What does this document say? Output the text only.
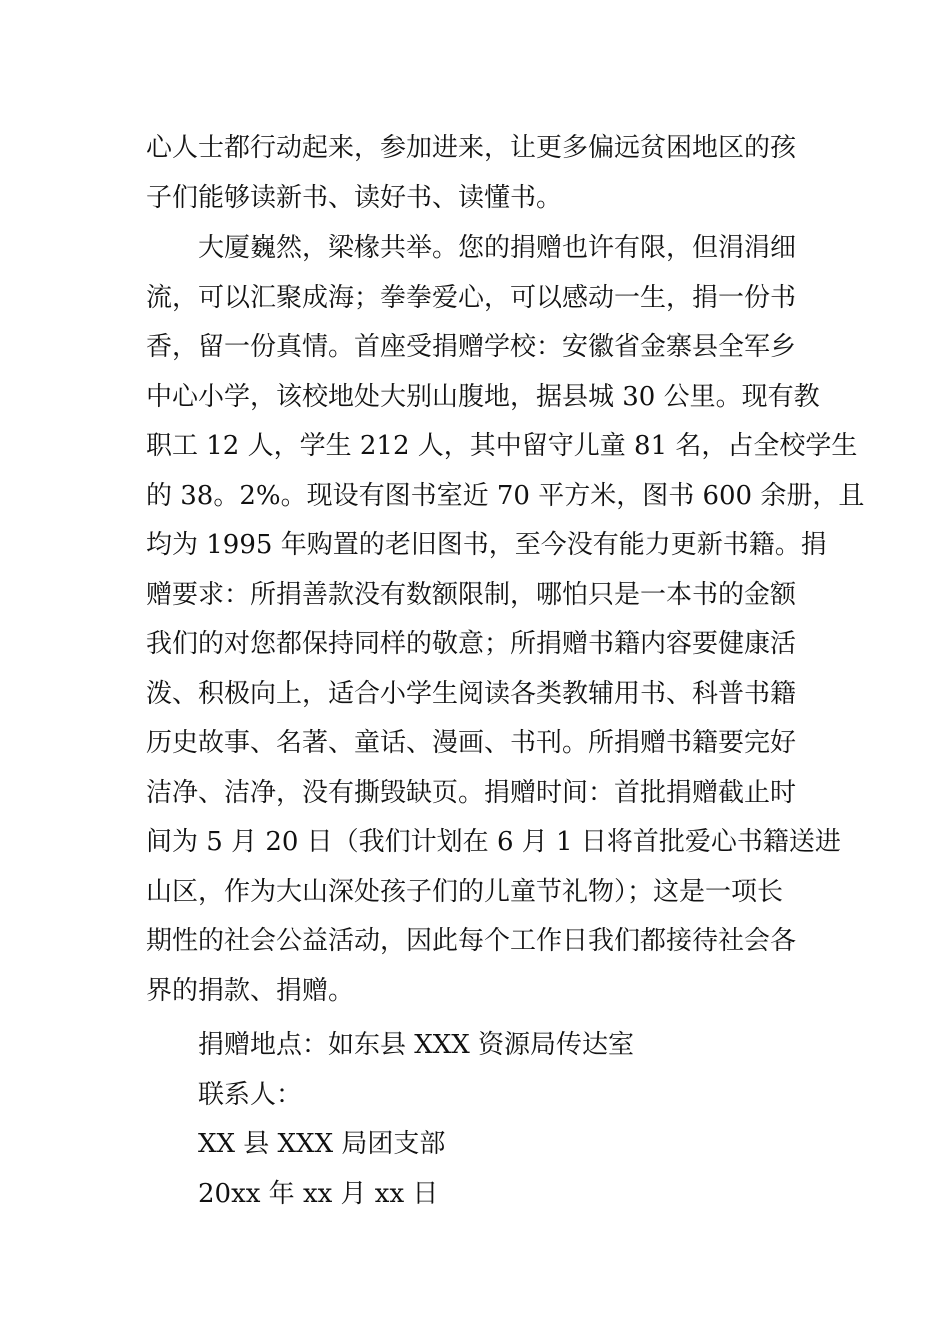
心人士都行动起来，参加进来，让更多偏远贫困地区的孩
子们能够读新书、读好书、读懂书。
大厦巍然，梁椽共举。您的捐赠也许有限，但涓涓细
流，可以汇聚成海；拳拳爱心，可以感动一生，捐一份书
香，留一份真情。首座受捐赠学校：安徽省金寨县全军乡
中心小学，该校地处大别山腹地，据县城 30 公里。现有教
职工 12 人，学生 212 人，其中留守儿童 81 名，占全校学生
的 38。2%。现设有图书室近 70 平方米，图书 600 余册，且
均为 1995 年购置的老旧图书，至今没有能力更新书籍。捐
赠要求：所捐善款没有数额限制，哪怕只是一本书的金额
我们的对您都保持同样的敬意；所捐赠书籍内容要健康活
泼、积极向上，适合小学生阅读各类教辅用书、科普书籍
历史故事、名著、童话、漫画、书刊。所捐赠书籍要完好
洁净、洁净，没有撕毁缺页。捐赠时间：首批捐赠截止时
间为 5 月 20 日（我们计划在 6 月 1 日将首批爱心书籍送进
山区，作为大山深处孩子们的儿童节礼物）；这是一项长
期性的社会公益活动，因此每个工作日我们都接待社会各
界的捐款、捐赠。
捐赠地点：如东县 XXX 资源局传达室
联系人：
XX 县 XXX 局团支部
20xx 年 xx 月 xx 日
